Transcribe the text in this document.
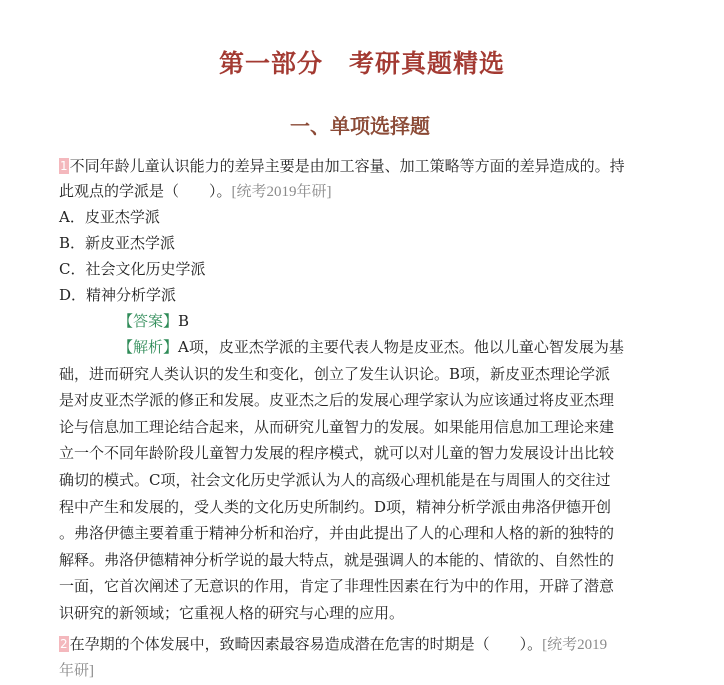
第一部分　考研真题精选
一、单项选择题
1 不同年龄儿童认识能力的差异主要是由加工容量、加工策略等方面的差异造成的。持
此观点的学派是（　　）。[统考2019年研]
A．皮亚杰学派
B．新皮亚杰学派
C．社会文化历史学派
D．精神分析学派
【答案】B
【解析】A项，皮亚杰学派的主要代表人物是皮亚杰。他以儿童心智发展为基
础，进而研究人类认识的发生和变化，创立了发生认识论。B项，新皮亚杰理论学派
是对皮亚杰学派的修正和发展。皮亚杰之后的发展心理学家认为应该通过将皮亚杰理
论与信息加工理论结合起来，从而研究儿童智力的发展。如果能用信息加工理论来建
立一个不同年龄阶段儿童智力发展的程序模式，就可以对儿童的智力发展设计出比较
确切的模式。C项，社会文化历史学派认为人的高级心理机能是在与周围人的交往过
程中产生和发展的，受人类的文化历史所制约。D项，精神分析学派由弗洛伊德开创
。弗洛伊德主要着重于精神分析和治疗，并由此提出了人的心理和人格的新的独特的
解释。弗洛伊德精神分析学说的最大特点，就是强调人的本能的、情欲的、自然性的
一面，它首次阐述了无意识的作用，肯定了非理性因素在行为中的作用，开辟了潜意
识研究的新领域；它重视人格的研究与心理的应用。
2 在孕期的个体发展中，致畸因素最容易造成潜在危害的时期是（　　）。[统考2019
年研]
